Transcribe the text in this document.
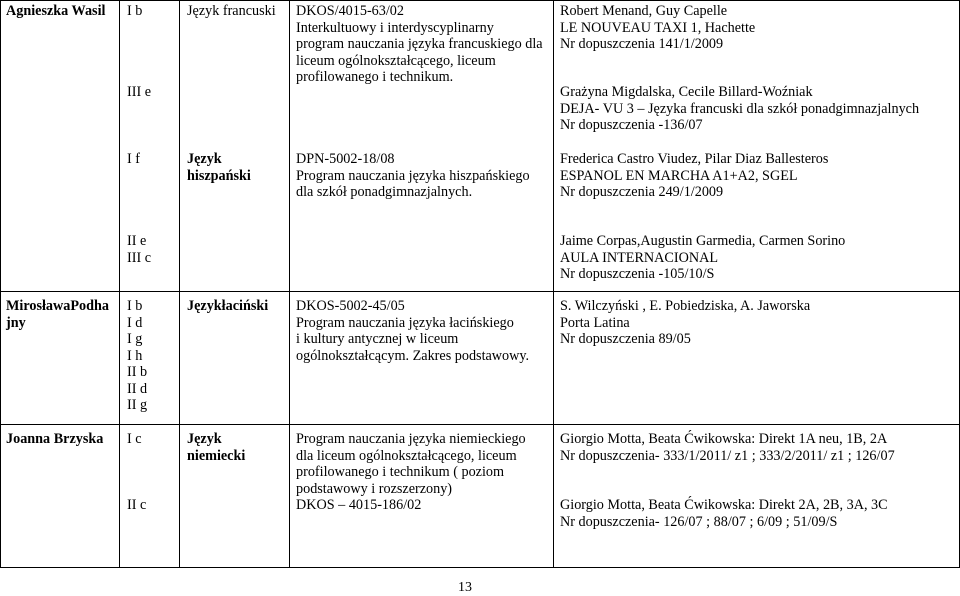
Agnieszka Wasil I b
III e
Język francuski DKOS/4015-63/02
Interkultuowy i interdyscyplinarny
program nauczania języka francuskiego dla
liceum ogólnokształcącego, liceum
profilowanego i technikum.
Robert Menand, Guy Capelle
LE NOUVEAU TAXI 1, Hachette
Nr dopuszczenia 141/1/2009
Grażyna Migdalska, Cecile Billard-Woźniak
DEJA- VU 3 – Języka francuski dla szkół ponadgimnazjalnych
Nr dopuszczenia -136/07
I f	Język
hiszpański
DPN-5002-18/08
Program nauczania języka hiszpańskiego
dla szkół ponadgimnazjalnych.
Frederica Castro Viudez, Pilar Diaz Ballesteros
ESPANOL EN MARCHA A1+A2, SGEL
Nr dopuszczenia 249/1/2009
II e
III c
Jaime Corpas,Augustin Garmedia, Carmen Sorino
AULA INTERNACIONAL
Nr dopuszczenia -105/10/S
MirosławaPodha
jny
I b
I d
I g
I h
II b
II d
II g
Językłaciński DKOS-5002-45/05
Program nauczania języka łacińskiego
i kultury antycznej w liceum
ogólnokształcącym. Zakres podstawowy.
S. Wilczyński , E. Pobiedziska, A. Jaworska
Porta Latina
Nr dopuszczenia 89/05
Joanna Brzyska I c
II c
Język
niemiecki
Program nauczania języka niemieckiego
dla liceum ogólnokształcącego, liceum
profilowanego i technikum ( poziom
podstawowy i rozszerzony)
DKOS – 4015-186/02
Giorgio Motta, Beata Ćwikowska: Direkt 1A neu, 1B, 2A
Nr dopuszczenia- 333/1/2011/ z1 ; 333/2/2011/ z1 ; 126/07
Giorgio Motta, Beata Ćwikowska: Direkt 2A, 2B, 3A, 3C
Nr dopuszczenia- 126/07 ; 88/07 ; 6/09 ; 51/09/S
13
